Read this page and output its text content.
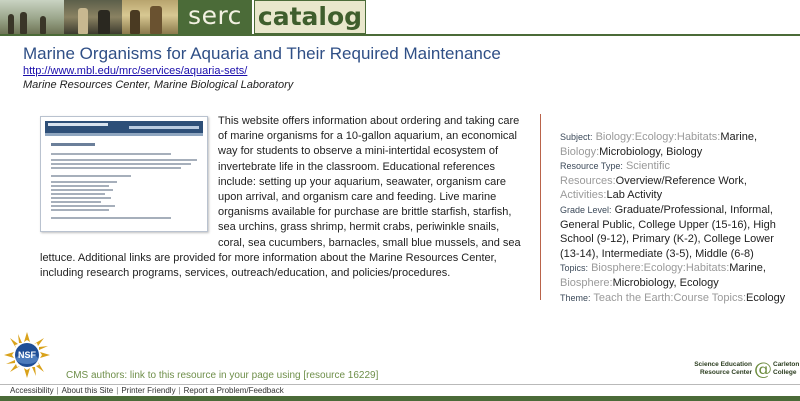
serc catalog
Marine Organisms for Aquaria and Their Required Maintenance
http://www.mbl.edu/mrc/services/aquaria-sets/
Marine Resources Center, Marine Biological Laboratory
This website offers information about ordering and taking care of marine organisms for a 10-gallon aquarium, an economical way for students to observe a mini-intertidal ecosystem of invertebrate life in the classroom. Educational references include: setting up your aquarium, seawater, organism care upon arrival, and organism care and feeding. Live marine organisms available for purchase are brittle starfish, starfish, sea urchins, grass shrimp, hermit crabs, periwinkle snails, coral, sea cucumbers, barnacles, small blue mussels, and sea lettuce. Additional links are provided for more information about the Marine Resources Center, including research programs, services, outreach/education, and policies/procedures.
Subject: Biology:Ecology:Habitats:Marine, Biology:Microbiology, Biology
Resource Type: Scientific Resources:Overview/Reference Work, Activities:Lab Activity
Grade Level: Graduate/Professional, Informal, General Public, College Upper (15-16), High School (9-12), Primary (K-2), College Lower (13-14), Intermediate (3-5), Middle (6-8)
Topics: Biosphere:Ecology:Habitats:Marine, Biosphere:Microbiology, Ecology
Theme: Teach the Earth:Course Topics:Ecology
NSF
CMS authors: link to this resource in your page using [resource 16229]
Science Education Resource Center @ Carleton College
Accessibility | About this Site | Printer Friendly | Report a Problem/Feedback
